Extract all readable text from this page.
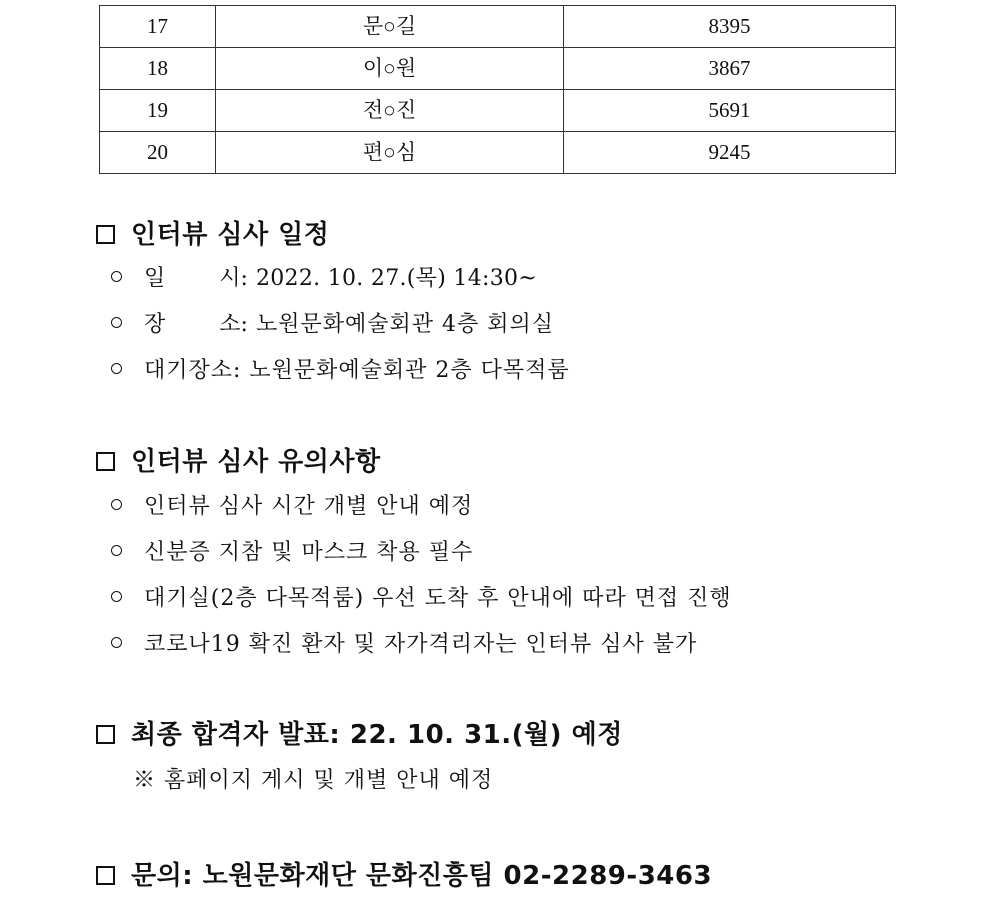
17	문○길	8395
18	이○원	3867
19	전○진	5691
20	편○심	9245
인터뷰 심사 일정

일 시: 2022. 10. 27.(목) 14:30~

장 소: 노원문화예술회관 4층 회의실

대기장소: 노원문화예술회관 2층 다목적룸

인터뷰 심사 유의사항

인터뷰 심사 시간 개별 안내 예정

신분증 지참 및 마스크 착용 필수

대기실(2층 다목적룸) 우선 도착 후 안내에 따라 면접 진행

코로나19 확진 환자 및 자가격리자는 인터뷰 심사 불가

최종 합격자 발표: 22. 10. 31.(월) 예정

※ 홈페이지 게시 및 개별 안내 예정

문의: 노원문화재단 문화진흥팀 02-2289-3463
